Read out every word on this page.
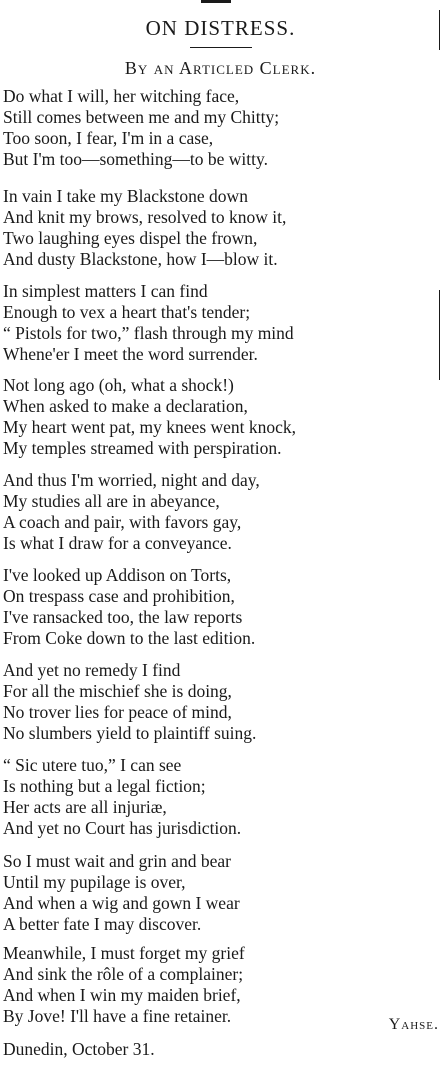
ON DISTRESS.
By an Articled Clerk.
Do what I will, her witching face,
Still comes between me and my Chitty;
Too soon, I fear, I'm in a case,
But I'm too—something—to be witty.
In vain I take my Blackstone down
And knit my brows, resolved to know it,
Two laughing eyes dispel the frown,
And dusty Blackstone, how I—blow it.
In simplest matters I can find
Enough to vex a heart that's tender;
“ Pistols for two,” flash through my mind
Whene'er I meet the word surrender.
Not long ago (oh, what a shock!)
When asked to make a declaration,
My heart went pat, my knees went knock,
My temples streamed with perspiration.
And thus I'm worried, night and day,
My studies all are in abeyance,
A coach and pair, with favors gay,
Is what I draw for a conveyance.
I've looked up Addison on Torts,
On trespass case and prohibition,
I've ransacked too, the law reports
From Coke down to the last edition.
And yet no remedy I find
For all the mischief she is doing,
No trover lies for peace of mind,
No slumbers yield to plaintiff suing.
“ Sic utere tuo,” I can see
Is nothing but a legal fiction;
Her acts are all injuriæ,
And yet no Court has jurisdiction.
So I must wait and grin and bear
Until my pupilage is over,
And when a wig and gown I wear
A better fate I may discover.
Meanwhile, I must forget my grief
And sink the rôle of a complainer;
And when I win my maiden brief,
By Jove! I'll have a fine retainer.	Yahse.
Dunedin, October 31.
